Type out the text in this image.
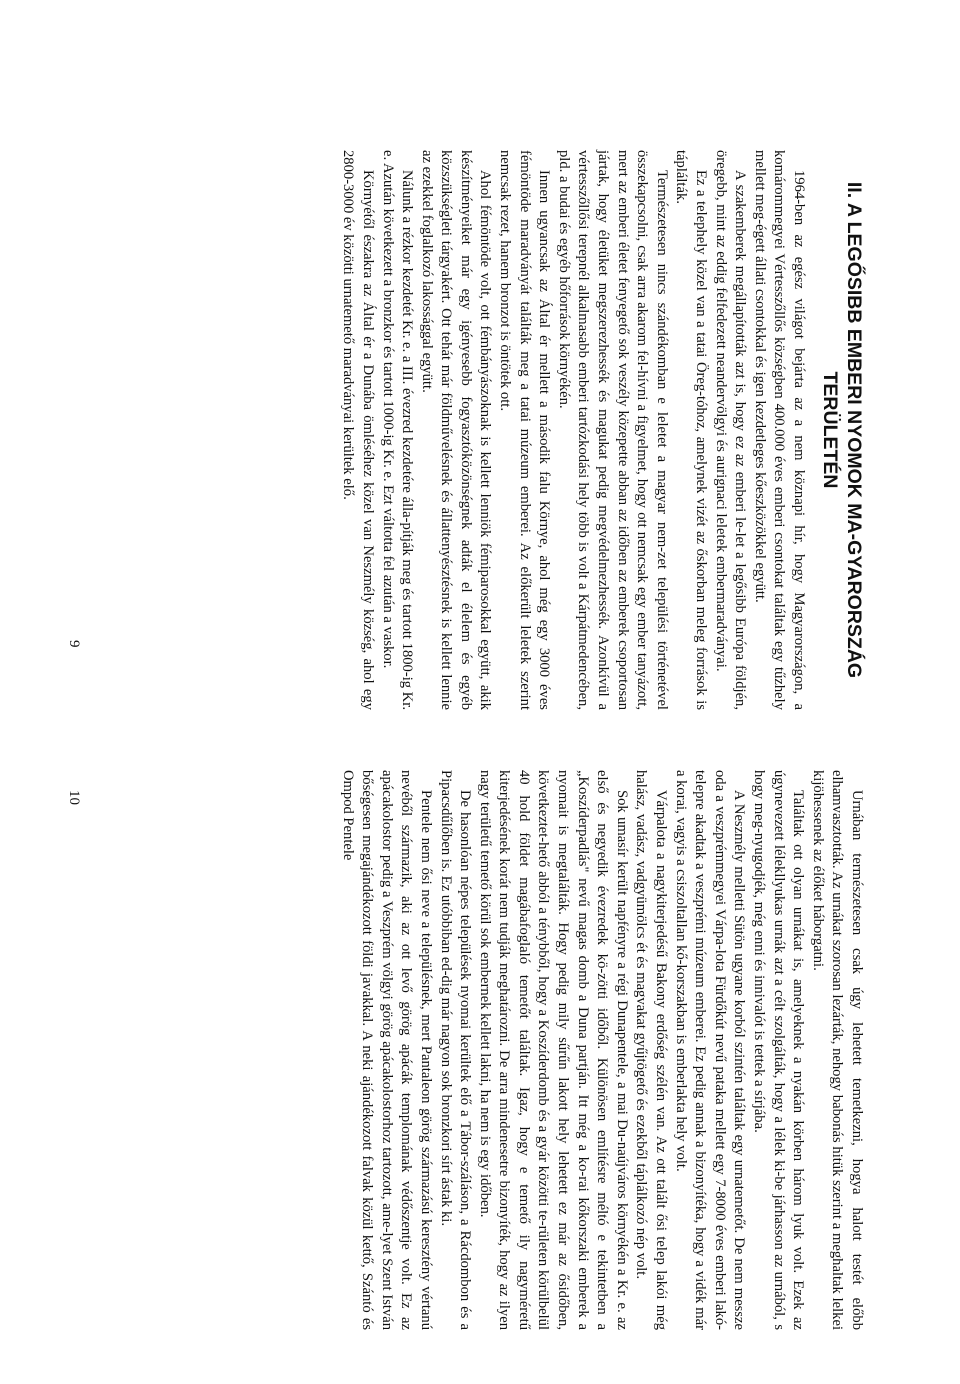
II. A LEGŐSIBB EMBERI NYOMOK MA-GYARORSZÁG TERÜLETÉN

1964-ben az egész világot bejárta az a nem köznapi hír, hogy Magyarországon, a komárommegyei Vértesszőllős községben 400.000 éves emberi csontokat találtak egy tűzhely mellett meg-égett állati csontokkal és igen kezdetleges kőeszközökkel együtt.

A szakemberek megállapították azt is, hogy ez az emberi le-let a legősibb Európa földjén, öregebb, mint az eddig felfedezett neandervölgyi és aurignaci leletek embermaradványai.

Ez a telephely közel van a tatai Öreg-tóhoz, amelynek vizét az őskorban meleg források is táplálták.

Természetesen nincs szándékomban e leletet a magyar nem-zet települési történetével összekapcsolni, csak arra akarom fel-hívni a figyelmet, hogy ott nemcsak egy ember tanyázott, mert az emberi életet fenyegető sok veszély közepette abban az időben az emberek csoportosan jártak, hogy életüket megszerezhessék és magukat pedig megvédelmezhessék. Azonkívül a vértesszőllősi terepnél alkalmasabb emberi tartózkodási hely több is volt a Kárpátmedencében, pld. a budai és egyéb hőforrások környékén.

Innen ugyancsak az Által ér mellett a második falu Környe, ahol még egy 3000 éves fémöntöde maradványát találták meg a tatai múzeum emberei. Az előkerült leletek szerint nemcsak rezet, hanem bronzot is öntötek ott.

Ahol fémöntöde volt, ott fémbányászoknak is kellett lenniök fémiparosokkal együtt, akik készítményeiket már egy igényesebb fogyasztóközönségnek adták el élelem és egyéb közszükségleti tárgyakért. Ott tehát már földművelésnek és állattenyésztésnek is kellett lennie az ezekkel foglalkozó lakossággal együtt.

Nálunk a rézkor kezdetét Kr. e. a III. évezred kezdetére álla-pítják meg és tartott 1800-ig Kr. e. Azután következett a bronzkor és tartott 1000-ig Kr. e. Ezt váltotta fel azután a vaskor.

Környétől északra az Által ér a Dunába ömléséhez közel van Neszmély község, ahol egy 2800-3000 év közötti urnatemető maradványai kerültek elő.

9

Urnában természetesen csak úgy lehetett temetkezni, hogya halott testét előbb elhamvasztották. Az urnákat szorosan lezárták, nehogy babonás hitük szerint a meghaltak lelkei kijöhessenek az élőket háborgatni.

Találtak ott olyan urnákat is, amelyeknek a nyakán körben három lyuk volt. Ezek az úgynevezett lélekllyukas urnák azt a célt szolgálták, hogy a lélek ki-be járhasson az urnából, s hogy meg-nyugodjék, még enni és innivalót is tettek a sírjába.

A Neszmély melletti Sütön ugyane korból szintén találtak egy urnatemetőt. De nem messze oda a veszprémmegyei Várpa-lota Fürdőkút nevű pataka mellett egy 7-8000 éves emberi lakó-telepre akadtak a veszprémi múzeum emberei. Ez pedig annak a bizonyítéka, hogy a vidék már a korai, vagyis a csiszoltallan kő-korszakban is emberlakta hely volt.

Várpalota a nagykiterjedésű Bakony erdőség szélén van. Az ott talált ősi telep lakói még halász, vadász, vadgyümölcs ét és magvakat gyűjtögető és ezekből táplálkozó nép volt.

Sok umasír került napfényre a régi Dunapentele, a mai Du-naújváros környékén a Kr. e. az első és negyedik évezredek kö-zötti időből. Különösen említésre méltó e tekintetben a „Koszíderpadlás" nevű magas domb a Duna partján. Itt még a ko-rai kőkorszaki emberek a nyomait is megtalálták. Hogy pedig mily sűrűn lakott hely lehetett ez már az ősidőben, következtet-hető abból a ténybből, hogy a Koszíderdomb és a gyár közötti te-rületen körülbelül 40 hold földet magábafoglaló temetőt találtak. Igaz, hogy e temető ily nagyméretű kiterjedésének korát nem tudják meghatározni. De arra mindenesetre bizonyíték, hogy az ilyen nagy területű temető körül sok embernek kellett lakni, ha nem is egy időben.

De hasonlóan népes települések nyomai kerültek elő a Tábor-száláson, a Rácdombon és a Pipacsdűlőben is. Ez utóbbiban ed-dig már nagyon sok bronzkori sírt ástak ki.

Pentele nem ősi neve a településnek, mert Pantaleon görög származású keresztény vértanú nevéből származik, aki az ott levő görög apácák templomának védőszentje volt. Ez az apácakolostor pedig a Veszprém völgyi görög apácakolostorhoz tartozott, ame-lyet Szent István bőségesen megajándékozott földi javakkal. A neki ajándékozott falvak közül kettő, Szántó és Ompod Pentele

10
